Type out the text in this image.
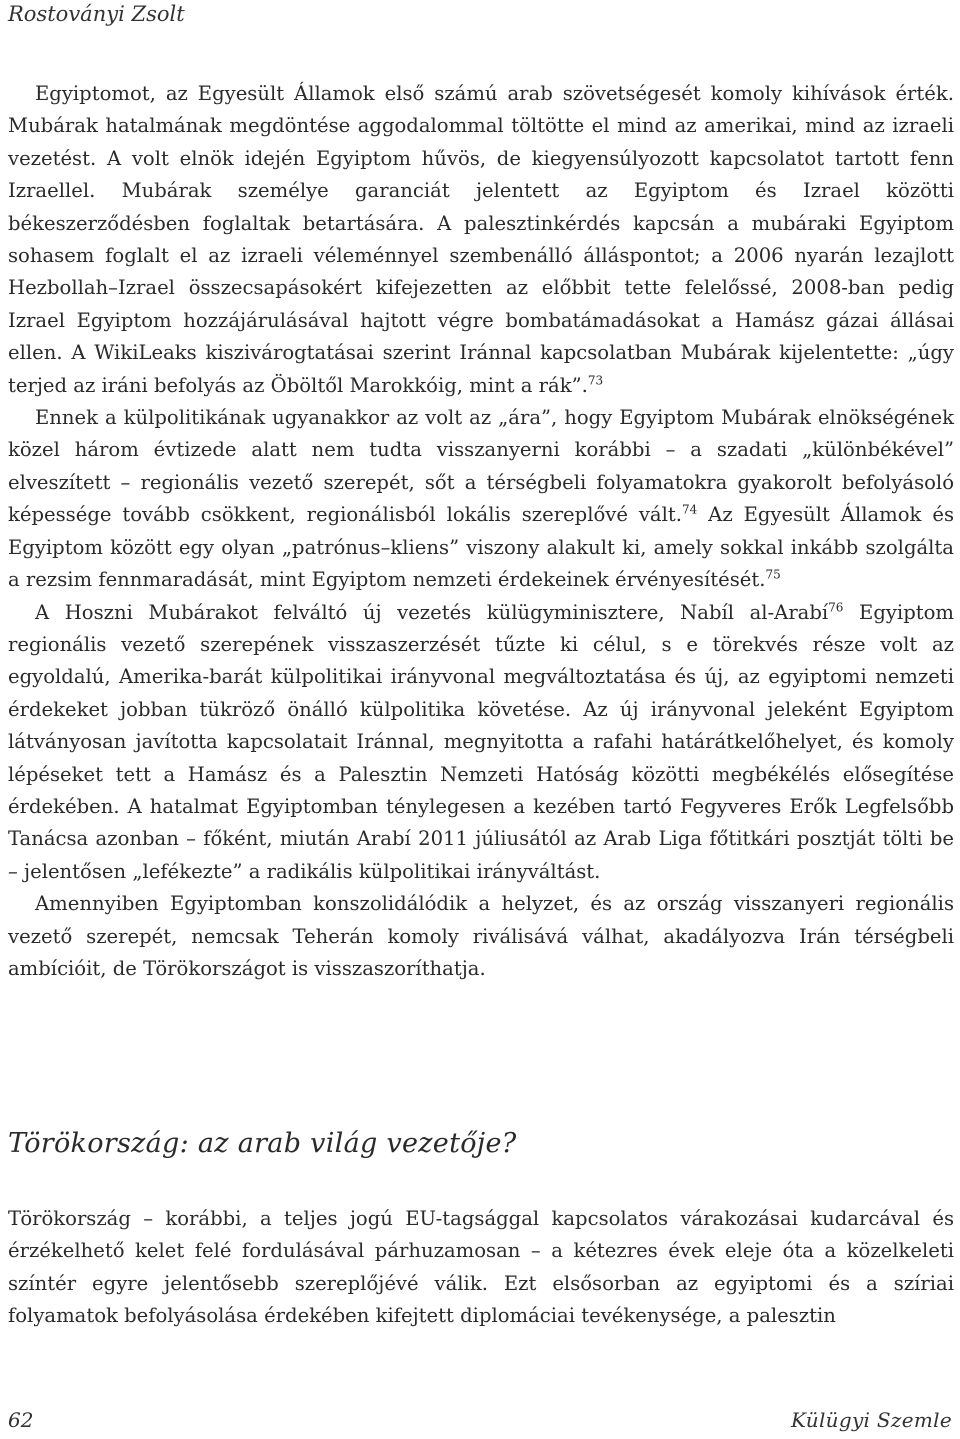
Rostoványi Zsolt

Egyiptomot, az Egyesült Államok első számú arab szövetségesét komoly kihívások érték. Mubárak hatalmának megdöntése aggodalommal töltötte el mind az amerikai, mind az izraeli vezetést. A volt elnök idején Egyiptom hűvös, de kiegyensúlyozott kapcsolatot tartott fenn Izraellel. Mubárak személye garanciát jelentett az Egyiptom és Izrael közötti békeszerződésben foglaltak betartására. A palesztinkérdés kapcsán a mubáraki Egyiptom sohasem foglalt el az izraeli véleménnyel szembenálló álláspontot; a 2006 nyarán lezajlott Hezbollah–Izrael összecsapásokért kifejezetten az előbbit tette felelőssé, 2008-ban pedig Izrael Egyiptom hozzájárulásával hajtott végre bombatámadásokat a Hamász gázai állásai ellen. A WikiLeaks kiszivárogtatásai szerint Iránnal kapcsolatban Mubárak kijelentette: „úgy terjed az iráni befolyás az Öböltől Marokkóig, mint a rák”.$^{73}$

Ennek a külpolitikának ugyanakkor az volt az „ára”, hogy Egyiptom Mubárak elnökségének közel három évtizede alatt nem tudta visszanyerni korábbi – a szadati „különbékével” elveszített – regionális vezető szerepét, sőt a térségbeli folyamatokra gyakorolt befolyásoló képessége tovább csökkent, regionálisból lokális szereplővé vált.$^{74}$ Az Egyesült Államok és Egyiptom között egy olyan „patrónus–kliens” viszony alakult ki, amely sokkal inkább szolgálta a rezsim fennmaradását, mint Egyiptom nemzeti érdekeinek érvényesítését.$^{75}$

A Hoszni Mubárakot felváltó új vezetés külügyminisztere, Nabíl al-Arabí$^{76}$ Egyiptom regionális vezető szerepének visszaszerzését tűzte ki célul, s e törekvés része volt az egyoldalú, Amerika-barát külpolitikai irányvonal megváltoztatása és új, az egyiptomi nemzeti érdekeket jobban tükröző önálló külpolitika követése. Az új irányvonal jeleként Egyiptom látványosan javította kapcsolatait Iránnal, megnyitotta a rafahi határátkelőhelyet, és komoly lépéseket tett a Hamász és a Palesztin Nemzeti Hatóság közötti megbékélés elősegítése érdekében. A hatalmat Egyiptomban ténylegesen a kezében tartó Fegyveres Erők Legfelsőbb Tanácsa azonban – főként, miután Arabí 2011 júliusától az Arab Liga főtitkári posztját tölti be – jelentősen „lefékezte” a radikális külpolitikai irányváltást.

Amennyiben Egyiptomban konszolidálódik a helyzet, és az ország visszanyeri regionális vezető szerepét, nemcsak Teherán komoly riválisává válhat, akadályozva Irán térségbeli ambícióit, de Törökországot is visszaszoríthatja.

Törökország: az arab világ vezetője?

Törökország – korábbi, a teljes jogú EU-tagsággal kapcsolatos várakozásai kudarcával és érzékelhető kelet felé fordulásával párhuzamosan – a kétezres évek eleje óta a közelkeleti színtér egyre jelentősebb szereplőjévé válik. Ezt elsősorban az egyiptomi és a szíriai folyamatok befolyásolása érdekében kifejtett diplomáciai tevékenysége, a palesztin

62	Külügyi Szemle
